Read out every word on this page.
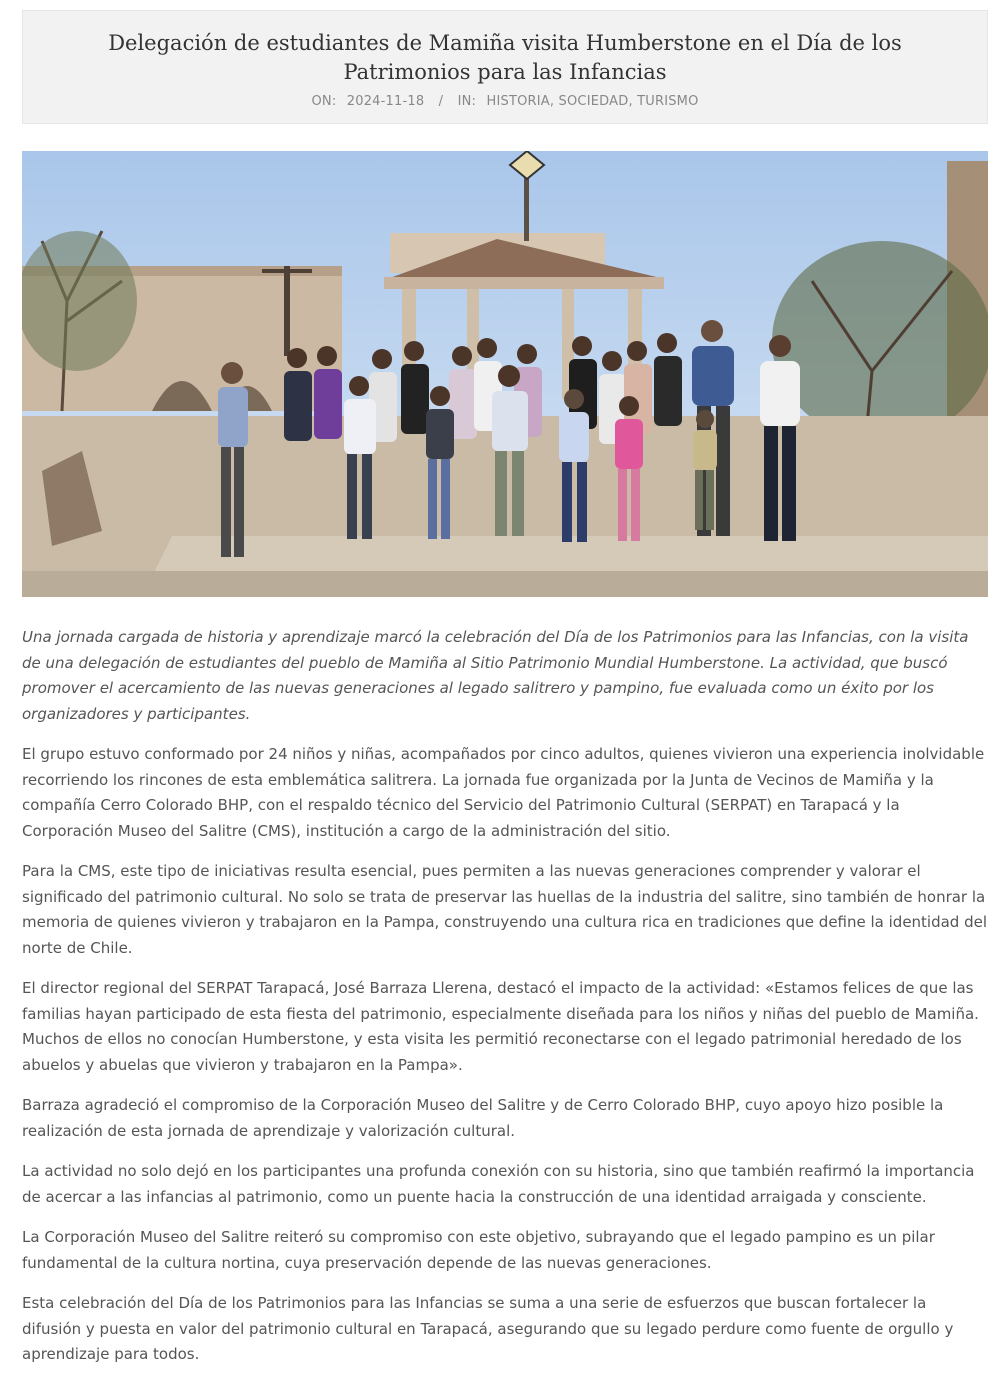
Delegación de estudiantes de Mamiña visita Humberstone en el Día de los Patrimonios para las Infancias
ON: 2024-11-18 / IN: HISTORIA, SOCIEDAD, TURISMO

Una jornada cargada de historia y aprendizaje marcó la celebración del Día de los Patrimonios para las Infancias, con la visita de una delegación de estudiantes del pueblo de Mamiña al Sitio Patrimonio Mundial Humberstone. La actividad, que buscó promover el acercamiento de las nuevas generaciones al legado salitrero y pampino, fue evaluada como un éxito por los organizadores y participantes.

El grupo estuvo conformado por 24 niños y niñas, acompañados por cinco adultos, quienes vivieron una experiencia inolvidable recorriendo los rincones de esta emblemática salitrera. La jornada fue organizada por la Junta de Vecinos de Mamiña y la compañía Cerro Colorado BHP, con el respaldo técnico del Servicio del Patrimonio Cultural (SERPAT) en Tarapacá y la Corporación Museo del Salitre (CMS), institución a cargo de la administración del sitio.

Para la CMS, este tipo de iniciativas resulta esencial, pues permiten a las nuevas generaciones comprender y valorar el significado del patrimonio cultural. No solo se trata de preservar las huellas de la industria del salitre, sino también de honrar la memoria de quienes vivieron y trabajaron en la Pampa, construyendo una cultura rica en tradiciones que define la identidad del norte de Chile.

El director regional del SERPAT Tarapacá, José Barraza Llerena, destacó el impacto de la actividad: «Estamos felices de que las familias hayan participado de esta fiesta del patrimonio, especialmente diseñada para los niños y niñas del pueblo de Mamiña. Muchos de ellos no conocían Humberstone, y esta visita les permitió reconectarse con el legado patrimonial heredado de los abuelos y abuelas que vivieron y trabajaron en la Pampa».

Barraza agradeció el compromiso de la Corporación Museo del Salitre y de Cerro Colorado BHP, cuyo apoyo hizo posible la realización de esta jornada de aprendizaje y valorización cultural.

La actividad no solo dejó en los participantes una profunda conexión con su historia, sino que también reafirmó la importancia de acercar a las infancias al patrimonio, como un puente hacia la construcción de una identidad arraigada y consciente.

La Corporación Museo del Salitre reiteró su compromiso con este objetivo, subrayando que el legado pampino es un pilar fundamental de la cultura nortina, cuya preservación depende de las nuevas generaciones.

Esta celebración del Día de los Patrimonios para las Infancias se suma a una serie de esfuerzos que buscan fortalecer la difusión y puesta en valor del patrimonio cultural en Tarapacá, asegurando que su legado perdure como fuente de orgullo y aprendizaje para todos.
